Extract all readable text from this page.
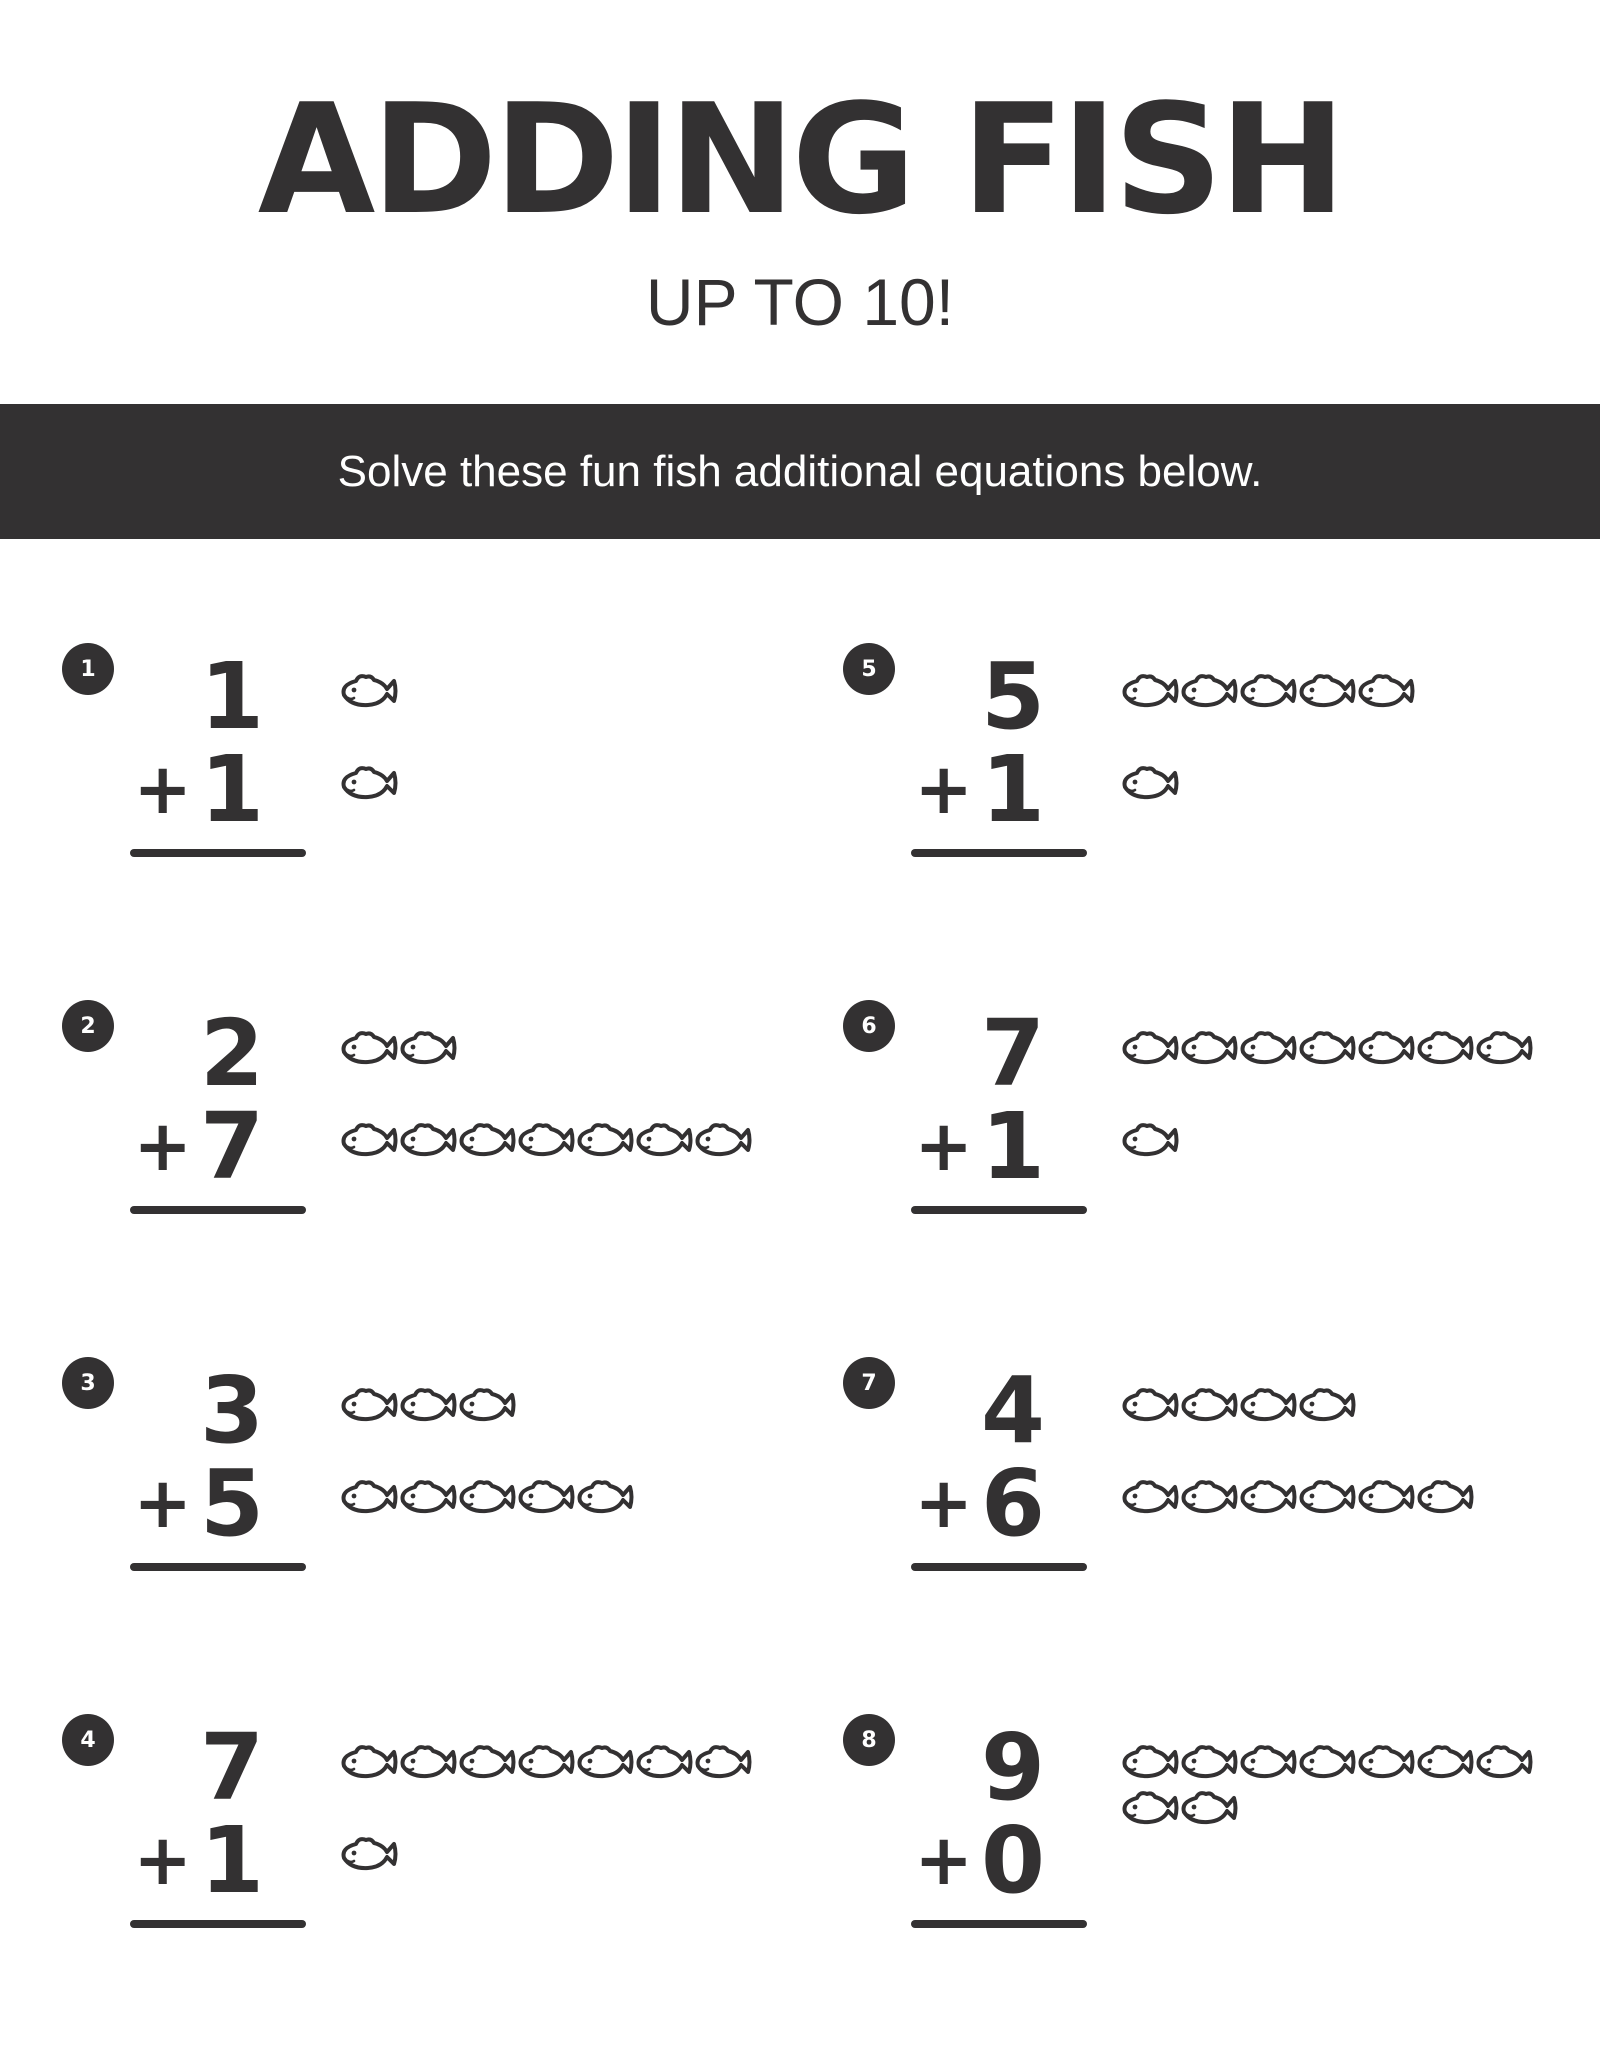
ADDING FISH
UP TO 10!
Solve these fun fish additional equations below.
1 1
+1
2 2
+7
3 3
+5
4 7
+1
5 5
+1
6 7
+1
7 4
+6
8 9
+0
